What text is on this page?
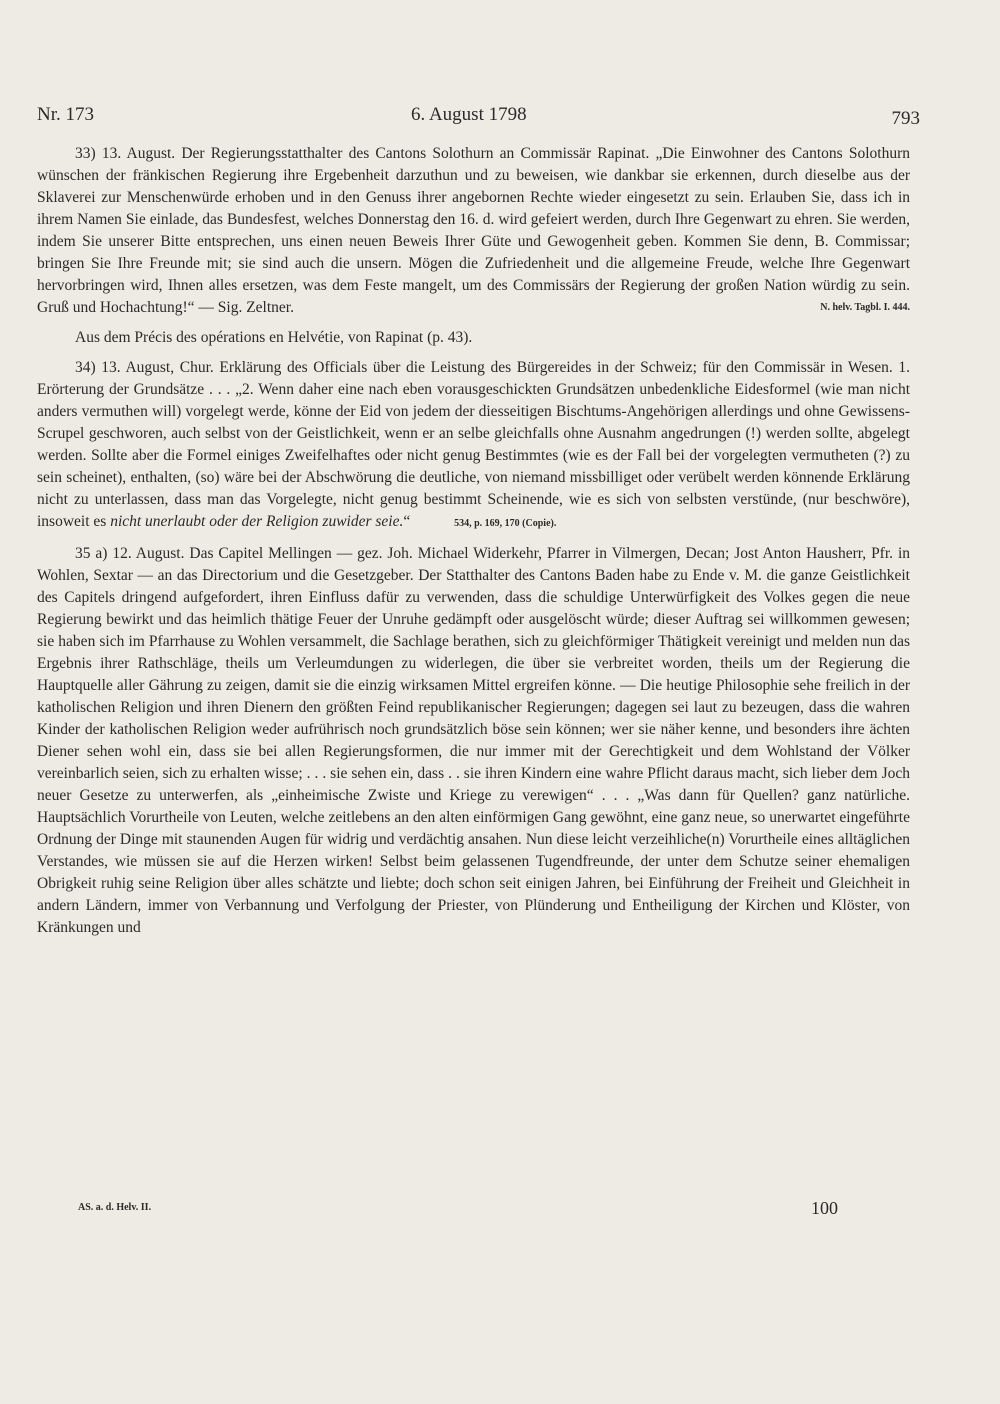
Nr. 173	6. August 1798	793

33) 13. August. Der Regierungsstatthalter des Cantons Solothurn an Commissär Rapinat. „Die Einwohner des Cantons Solothurn wünschen der fränkischen Regierung ihre Ergebenheit darzuthun und zu beweisen, wie dankbar sie erkennen, durch dieselbe aus der Sklaverei zur Menschenwürde erhoben und in den Genuss ihrer angebornen Rechte wieder eingesetzt zu sein. Erlauben Sie, dass ich in ihrem Namen Sie einlade, das Bundesfest, welches Donnerstag den 16. d. wird gefeiert werden, durch Ihre Gegenwart zu ehren. Sie werden, indem Sie unserer Bitte entsprechen, uns einen neuen Beweis Ihrer Güte und Gewogenheit geben. Kommen Sie denn, B. Commissar; bringen Sie Ihre Freunde mit; sie sind auch die unsern. Mögen die Zufriedenheit und die allgemeine Freude, welche Ihre Gegenwart hervorbringen wird, Ihnen alles ersetzen, was dem Feste mangelt, um des Commissärs der Regierung der großen Nation würdig zu sein. Gruß und Hochachtung!“ — Sig. Zeltner.	N. helv. Tagbl. I. 444.

Aus dem Précis des opérations en Helvétie, von Rapinat (p. 43).

34) 13. August, Chur. Erklärung des Officials über die Leistung des Bürgereides in der Schweiz; für den Commissär in Wesen. 1. Erörterung der Grundsätze . . . „2. Wenn daher eine nach eben vorausgeschickten Grundsätzen unbedenkliche Eidesformel (wie man nicht anders vermuthen will) vorgelegt werde, könne der Eid von jedem der diesseitigen Bischtums-Angehörigen allerdings und ohne Gewissens-Scrupel geschworen, auch selbst von der Geistlichkeit, wenn er an selbe gleichfalls ohne Ausnahm angedrungen (!) werden sollte, abgelegt werden. Sollte aber die Formel einiges Zweifelhaftes oder nicht genug Bestimmtes (wie es der Fall bei der vorgelegten vermutheten (?) zu sein scheinet), enthalten, (so) wäre bei der Abschwörung die deutliche, von niemand missbilliget oder verübelt werden könnende Erklärung nicht zu unterlassen, dass man das Vorgelegte, nicht genug bestimmt Scheinende, wie es sich von selbsten verstünde, (nur beschwöre), insoweit es nicht unerlaubt oder der Religion zuwider seie.“	534, p. 169, 170 (Copie).

35 a) 12. August. Das Capitel Mellingen — gez. Joh. Michael Widerkehr, Pfarrer in Vilmergen, Decan; Jost Anton Hausherr, Pfr. in Wohlen, Sextar — an das Directorium und die Gesetzgeber. Der Statthalter des Cantons Baden habe zu Ende v. M. die ganze Geistlichkeit des Capitels dringend aufgefordert, ihren Einfluss dafür zu verwenden, dass die schuldige Unterwürfigkeit des Volkes gegen die neue Regierung bewirkt und das heimlich thätige Feuer der Unruhe gedämpft oder ausgelöscht würde; dieser Auftrag sei willkommen gewesen; sie haben sich im Pfarrhause zu Wohlen versammelt, die Sachlage berathen, sich zu gleichförmiger Thätigkeit vereinigt und melden nun das Ergebnis ihrer Rathschläge, theils um Verleumdungen zu widerlegen, die über sie verbreitet worden, theils um der Regierung die Hauptquelle aller Gährung zu zeigen, damit sie die einzig wirksamen Mittel ergreifen könne. — Die heutige Philosophie sehe freilich in der katholischen Religion und ihren Dienern den größten Feind republikanischer Regierungen; dagegen sei laut zu bezeugen, dass die wahren Kinder der katholischen Religion weder aufrührisch noch grundsätzlich böse sein können; wer sie näher kenne, und besonders ihre ächten Diener sehen wohl ein, dass sie bei allen Regierungsformen, die nur immer mit der Gerechtigkeit und dem Wohlstand der Völker vereinbarlich seien, sich zu erhalten wisse; . . . sie sehen ein, dass . . sie ihren Kindern eine wahre Pflicht daraus macht, sich lieber dem Joch neuer Gesetze zu unterwerfen, als „einheimische Zwiste und Kriege zu verewigen“ . . . „Was dann für Quellen? ganz natürliche. Hauptsächlich Vorurtheile von Leuten, welche zeitlebens an den alten einförmigen Gang gewöhnt, eine ganz neue, so unerwartet eingeführte Ordnung der Dinge mit staunenden Augen für widrig und verdächtig ansahen. Nun diese leicht verzeihliche(n) Vorurtheile eines alltäglichen Verstandes, wie müssen sie auf die Herzen wirken! Selbst beim gelassenen Tugendfreunde, der unter dem Schutze seiner ehemaligen Obrigkeit ruhig seine Religion über alles schätzte und liebte; doch schon seit einigen Jahren, bei Einführung der Freiheit und Gleichheit in andern Ländern, immer von Verbannung und Verfolgung der Priester, von Plünderung und Entheiligung der Kirchen und Klöster, von Kränkungen und

AS. a. d. Helv. II.	100
